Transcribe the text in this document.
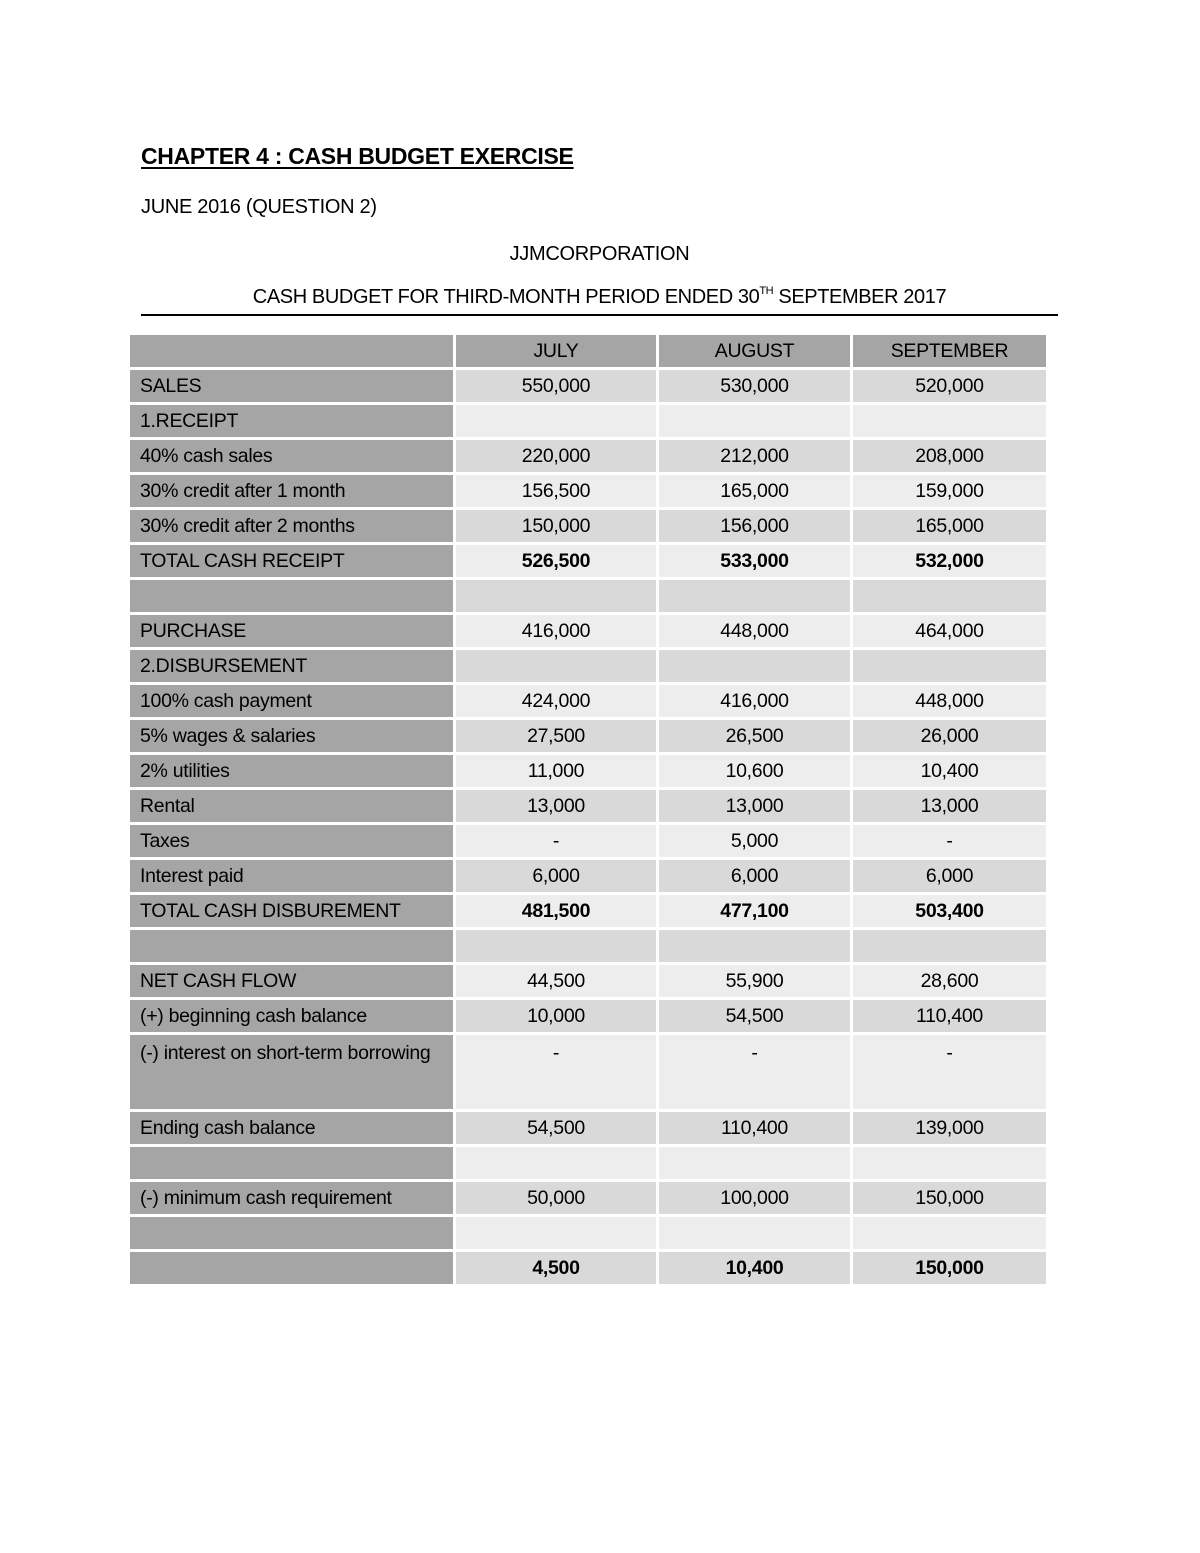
CHAPTER 4 : CASH BUDGET EXERCISE
JUNE 2016 (QUESTION 2)
JJMCORPORATION
CASH BUDGET FOR THIRD-MONTH PERIOD ENDED 30TH SEPTEMBER 2017
	JULY	AUGUST	SEPTEMBER
SALES	550,000	530,000	520,000
1.RECEIPT			
40% cash sales	220,000	212,000	208,000
30% credit after 1 month	156,500	165,000	159,000
30% credit after 2 months	150,000	156,000	165,000
TOTAL CASH RECEIPT	526,500	533,000	532,000

PURCHASE	416,000	448,000	464,000
2.DISBURSEMENT			
100% cash payment	424,000	416,000	448,000
5% wages & salaries	27,500	26,500	26,000
2% utilities	11,000	10,600	10,400
Rental	13,000	13,000	13,000
Taxes	-	5,000	-
Interest paid	6,000	6,000	6,000
TOTAL CASH DISBUREMENT	481,500	477,100	503,400

NET CASH FLOW	44,500	55,900	28,600
(+) beginning cash balance	10,000	54,500	110,400
(-) interest on short-term borrowing	-	-	-
Ending cash balance	54,500	110,400	139,000

(-) minimum cash requirement	50,000	100,000	150,000

	4,500	10,400	150,000
